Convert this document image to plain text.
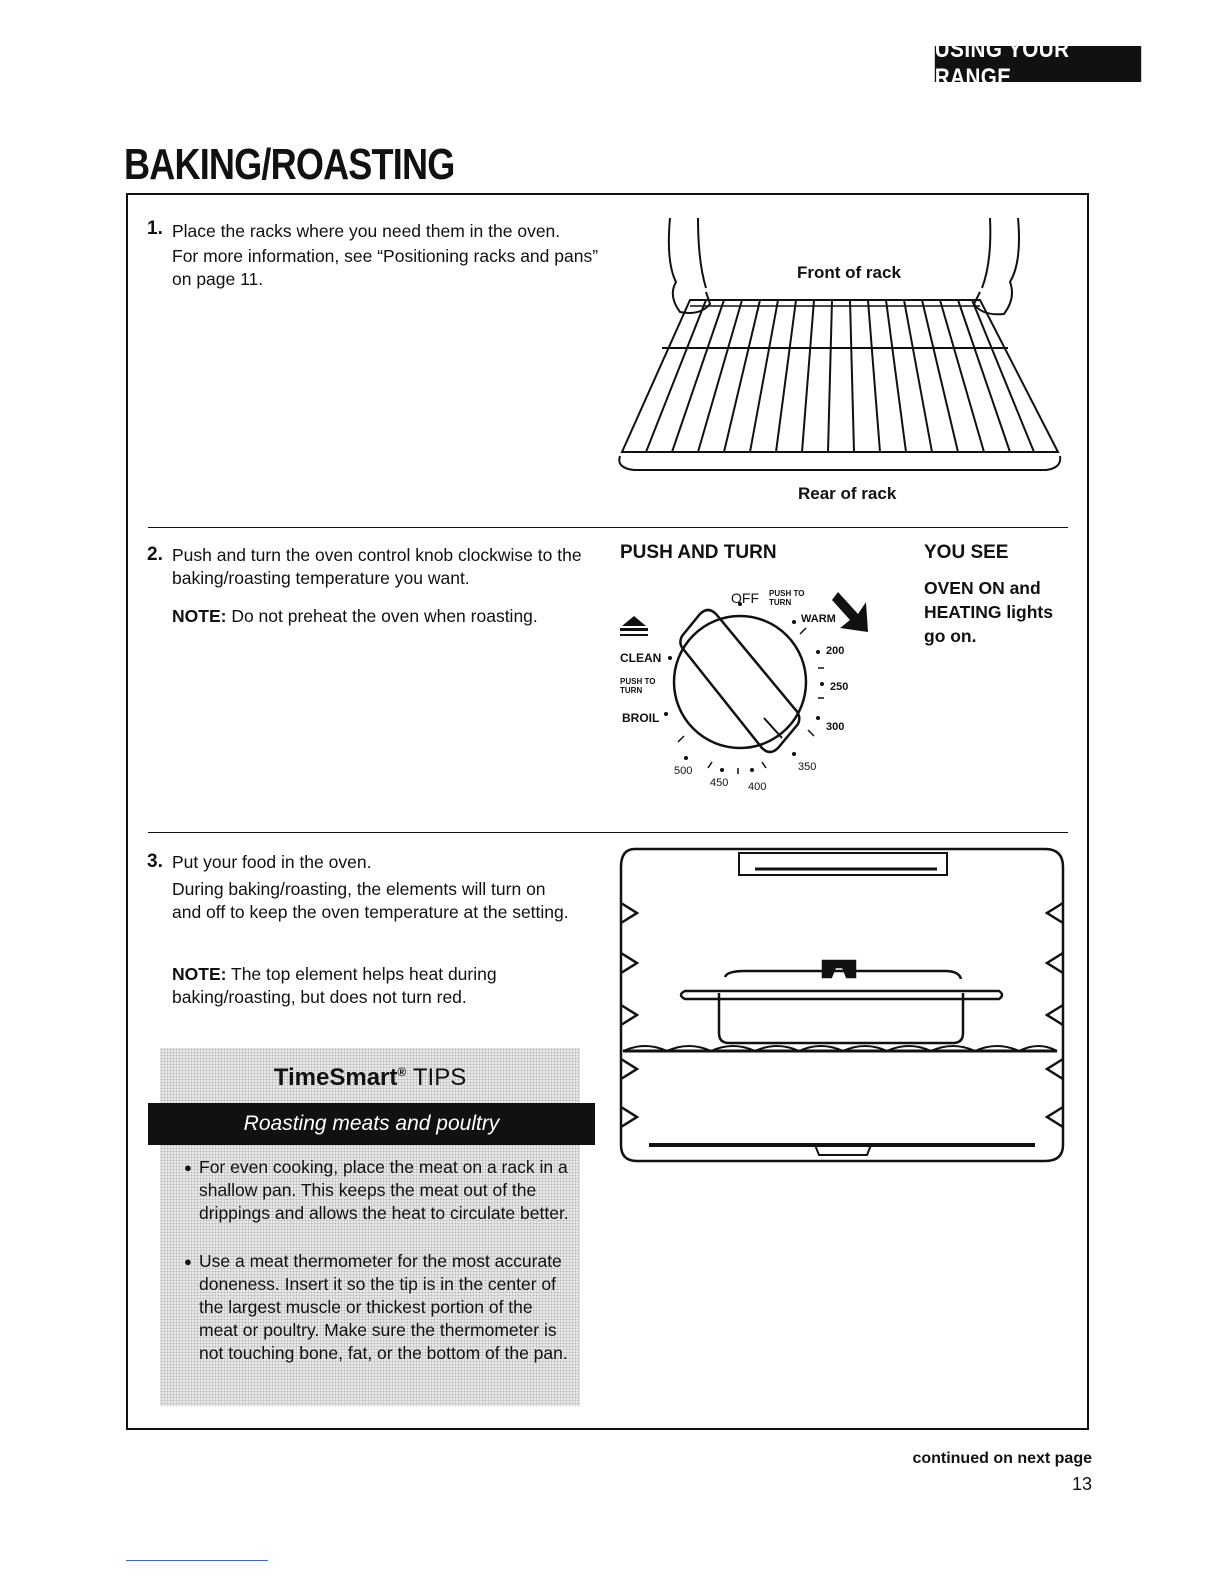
USING YOUR RANGE
BAKING/ROASTING
1. Place the racks where you need them in the oven.
For more information, see “Positioning racks and pans” on page 11.	Front of rack
Rear of rack
2. Push and turn the oven control knob clockwise to the baking/roasting temperature you want.
NOTE: Do not preheat the oven when roasting.
PUSH AND TURN	YOU SEE
OVEN ON and HEATING lights go on.
OFF PUSH TO TURN
WARM
CLEAN
PUSH TO TURN
BROIL
200
250
300
350
400
450
500
3. Put your food in the oven.
During baking/roasting, the elements will turn on and off to keep the oven temperature at the setting.
NOTE: The top element helps heat during baking/roasting, but does not turn red.
TimeSmart® TIPS
Roasting meats and poultry
● For even cooking, place the meat on a rack in a shallow pan. This keeps the meat out of the drippings and allows the heat to circulate better.
● Use a meat thermometer for the most accurate doneness. Insert it so the tip is in the center of the largest muscle or thickest portion of the meat or poultry. Make sure the thermometer is not touching bone, fat, or the bottom of the pan.
continued on next page
13
